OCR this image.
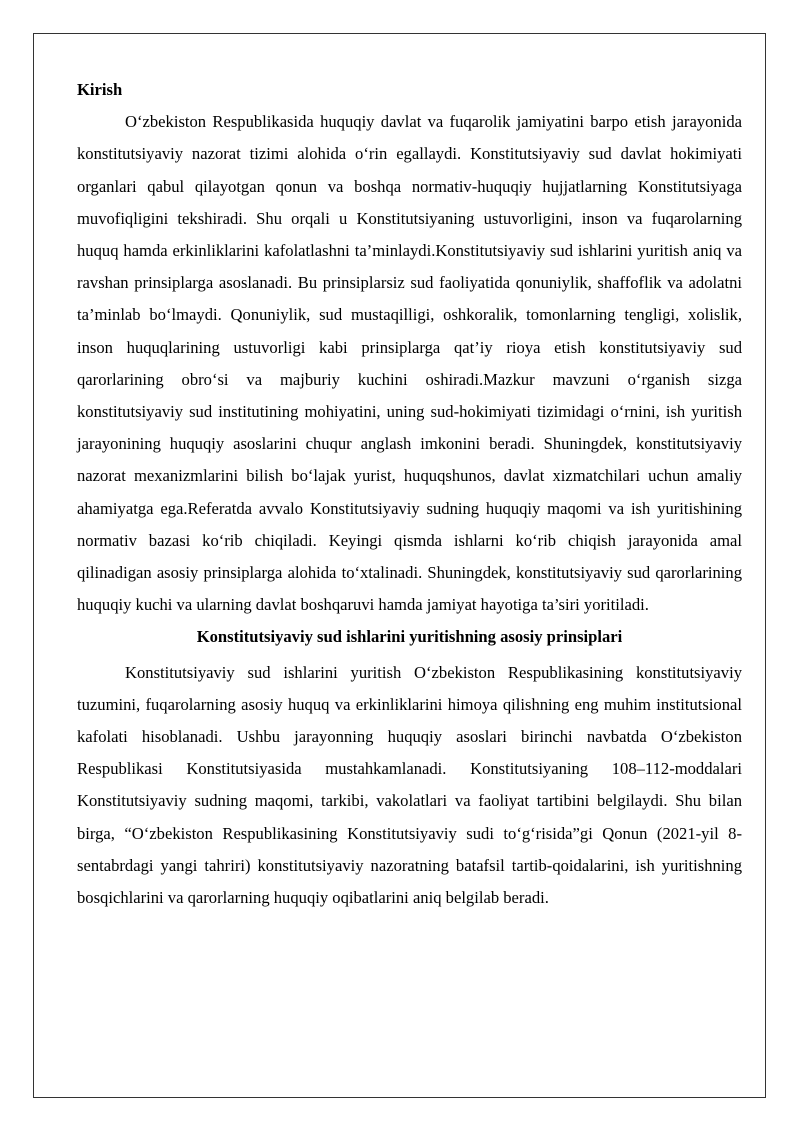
Kirish

O‘zbekiston Respublikasida huquqiy davlat va fuqarolik jamiyatini barpo etish jarayonida konstitutsiyaviy nazorat tizimi alohida o‘rin egallaydi. Konstitutsiyaviy sud davlat hokimiyati organlari qabul qilayotgan qonun va boshqa normativ-huquqiy hujjatlarning Konstitutsiyaga muvofiqligini tekshiradi. Shu orqali u Konstitutsiyaning ustuvorligini, inson va fuqarolarning huquq hamda erkinliklarini kafolatlashni ta’minlaydi.Konstitutsiyaviy sud ishlarini yuritish aniq va ravshan prinsiplarga asoslanadi. Bu prinsiplarsiz sud faoliyatida qonuniylik, shaffoflik va adolatni ta’minlab bo‘lmaydi. Qonuniylik, sud mustaqilligi, oshkoralik, tomonlarning tengligi, xolislik, inson huquqlarining ustuvorligi kabi prinsiplarga qat’iy rioya etish konstitutsiyaviy sud qarorlarining obro‘si va majburiy kuchini oshiradi.Mazkur mavzuni o‘rganish sizga konstitutsiyaviy sud institutining mohiyatini, uning sud-hokimiyati tizimidagi o‘rnini, ish yuritish jarayonining huquqiy asoslarini chuqur anglash imkonini beradi. Shuningdek, konstitutsiyaviy nazorat mexanizmlarini bilish bo‘lajak yurist, huquqshunos, davlat xizmatchilari uchun amaliy ahamiyatga ega.Referatda avvalo Konstitutsiyaviy sudning huquqiy maqomi va ish yuritishining normativ bazasi ko‘rib chiqiladi. Keyingi qismda ishlarni ko‘rib chiqish jarayonida amal qilinadigan asosiy prinsiplarga alohida to‘xtalinadi. Shuningdek, konstitutsiyaviy sud qarorlarining huquqiy kuchi va ularning davlat boshqaruvi hamda jamiyat hayotiga ta’siri yoritiladi.

Konstitutsiyaviy sud ishlarini yuritishning asosiy prinsiplari

Konstitutsiyaviy sud ishlarini yuritish O‘zbekiston Respublikasining konstitutsiyaviy tuzumini, fuqarolarning asosiy huquq va erkinliklarini himoya qilishning eng muhim institutsional kafolati hisoblanadi. Ushbu jarayonning huquqiy asoslari birinchi navbatda O‘zbekiston Respublikasi Konstitutsiyasida mustahkamlanadi. Konstitutsiyaning 108–112-moddalari Konstitutsiyaviy sudning maqomi, tarkibi, vakolatlari va faoliyat tartibini belgilaydi. Shu bilan birga, “O‘zbekiston Respublikasining Konstitutsiyaviy sudi to‘g‘risida”gi Qonun (2021-yil 8-sentabrdagi yangi tahriri) konstitutsiyaviy nazoratning batafsil tartib-qoidalarini, ish yuritishning bosqichlarini va qarorlarning huquqiy oqibatlarini aniq belgilab beradi.
